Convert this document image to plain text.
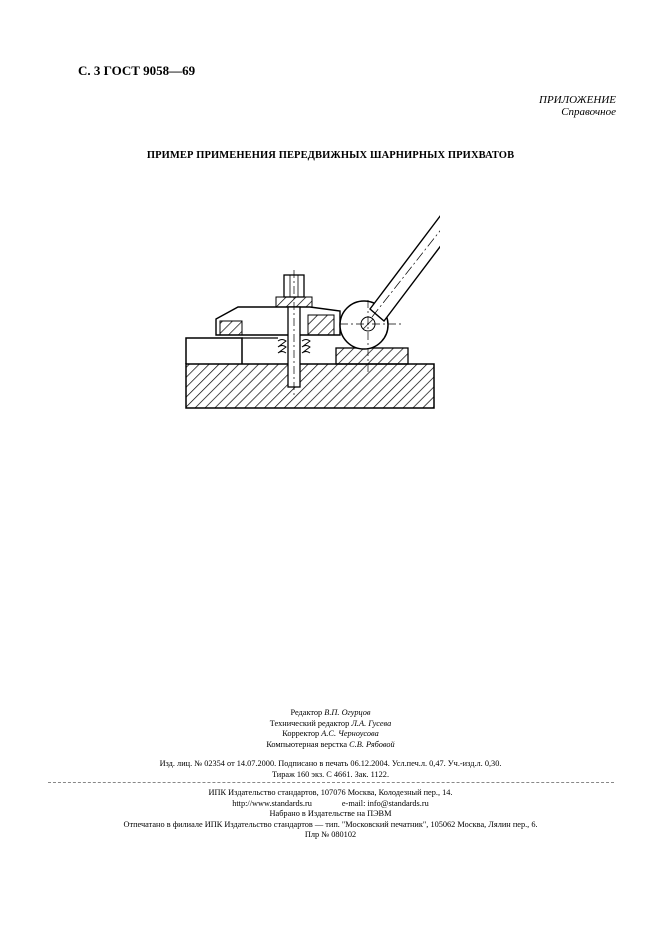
С. 3 ГОСТ 9058—69
ПРИЛОЖЕНИЕ
Справочное
ПРИМЕР ПРИМЕНЕНИЯ ПЕРЕДВИЖНЫХ ШАРНИРНЫХ ПРИХВАТОВ
Редактор В.П. Огурцов
Технический редактор Л.А. Гусева
Корректор А.С. Черноусова
Компьютерная верстка С.В. Рябовой
Изд. лиц. № 02354 от 14.07.2000. Подписано в печать 06.12.2004. Усл.печ.л. 0,47. Уч.-изд.л. 0,30.
Тираж 160 экз. С 4661. Зак. 1122.
ИПК Издательство стандартов, 107076 Москва, Колодезный пер., 14.
http://www.standards.ru	e-mail: info@standards.ru
Набрано в Издательстве на ПЭВМ
Отпечатано в филиале ИПК Издательство стандартов — тип. "Московский печатник", 105062 Москва, Лялин пер., 6.
Плр № 080102
